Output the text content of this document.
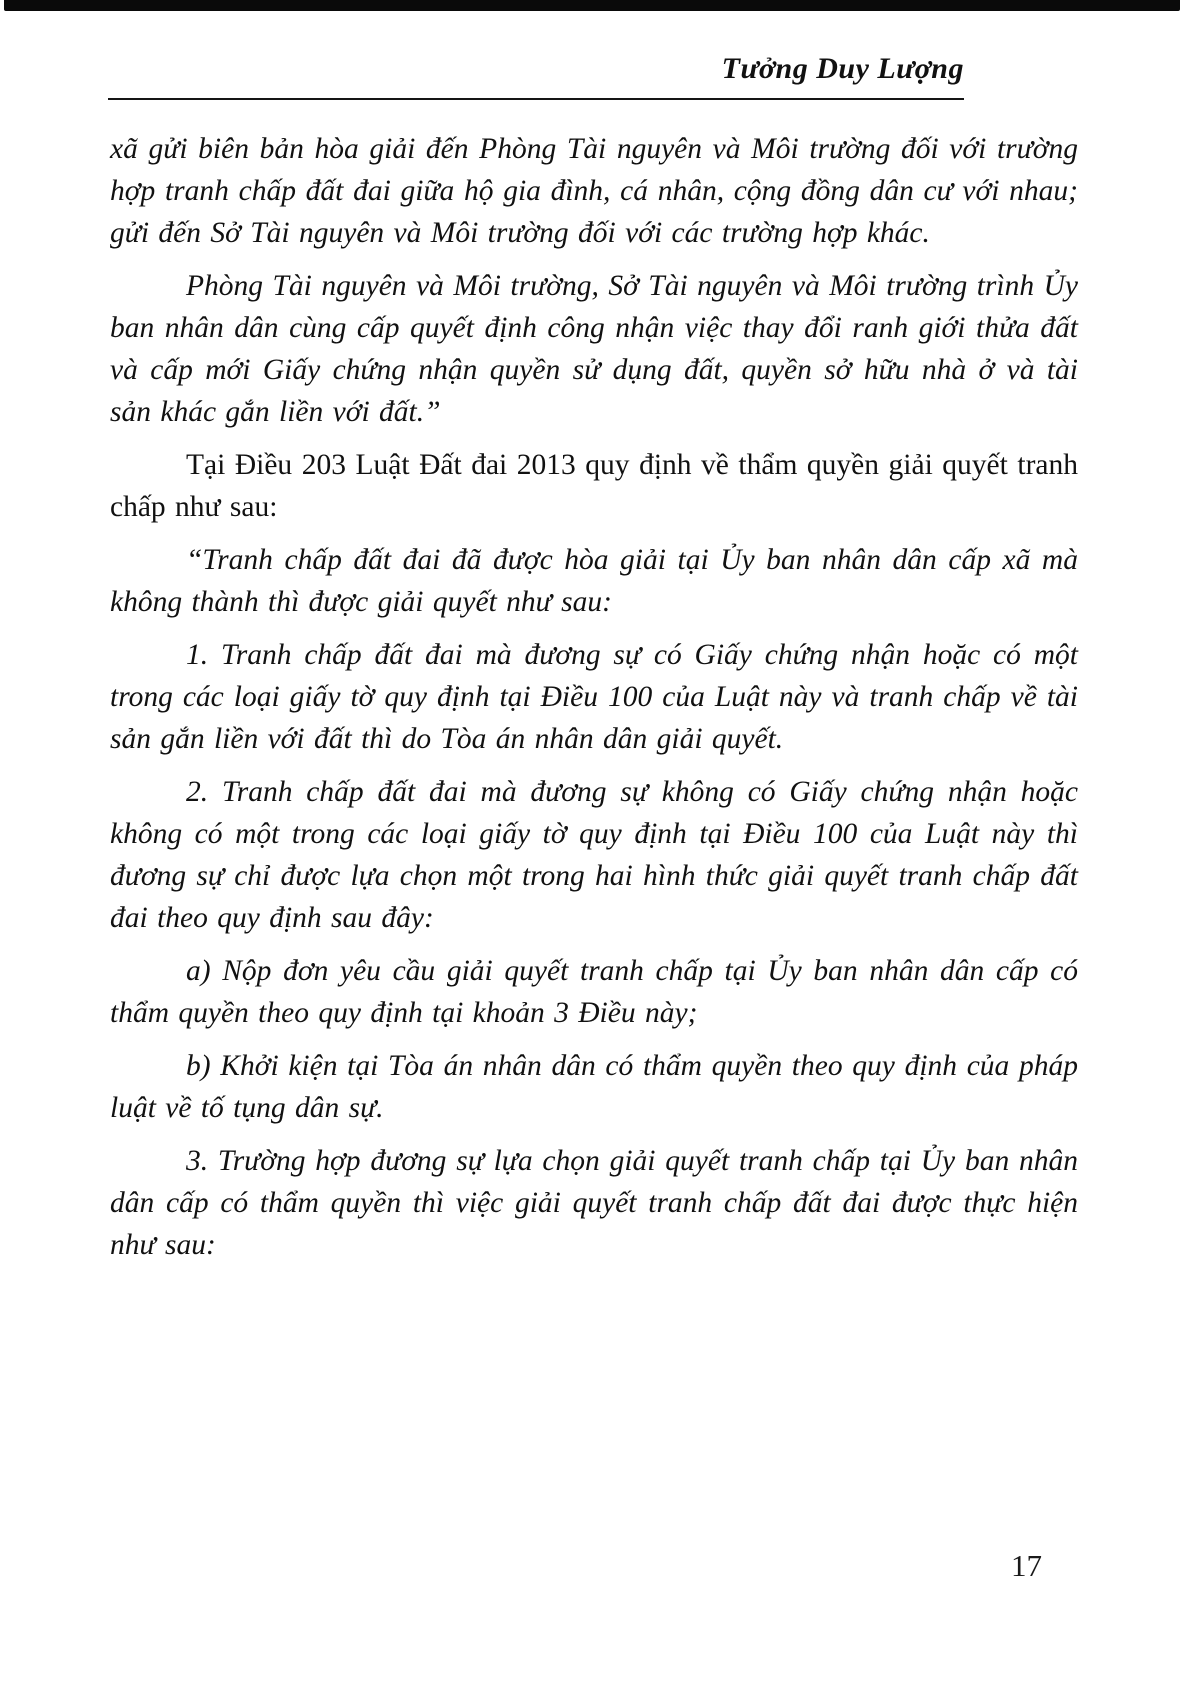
Tưởng Duy Lượng

xã gửi biên bản hòa giải đến Phòng Tài nguyên và Môi trường đối với trường hợp tranh chấp đất đai giữa hộ gia đình, cá nhân, cộng đồng dân cư với nhau; gửi đến Sở Tài nguyên và Môi trường đối với các trường hợp khác.

Phòng Tài nguyên và Môi trường, Sở Tài nguyên và Môi trường trình Ủy ban nhân dân cùng cấp quyết định công nhận việc thay đổi ranh giới thửa đất và cấp mới Giấy chứng nhận quyền sử dụng đất, quyền sở hữu nhà ở và tài sản khác gắn liền với đất.”

Tại Điều 203 Luật Đất đai 2013 quy định về thẩm quyền giải quyết tranh chấp như sau:

“Tranh chấp đất đai đã được hòa giải tại Ủy ban nhân dân cấp xã mà không thành thì được giải quyết như sau:

1. Tranh chấp đất đai mà đương sự có Giấy chứng nhận hoặc có một trong các loại giấy tờ quy định tại Điều 100 của Luật này và tranh chấp về tài sản gắn liền với đất thì do Tòa án nhân dân giải quyết.

2. Tranh chấp đất đai mà đương sự không có Giấy chứng nhận hoặc không có một trong các loại giấy tờ quy định tại Điều 100 của Luật này thì đương sự chỉ được lựa chọn một trong hai hình thức giải quyết tranh chấp đất đai theo quy định sau đây:

a) Nộp đơn yêu cầu giải quyết tranh chấp tại Ủy ban nhân dân cấp có thẩm quyền theo quy định tại khoản 3 Điều này;

b) Khởi kiện tại Tòa án nhân dân có thẩm quyền theo quy định của pháp luật về tố tụng dân sự.

3. Trường hợp đương sự lựa chọn giải quyết tranh chấp tại Ủy ban nhân dân cấp có thẩm quyền thì việc giải quyết tranh chấp đất đai được thực hiện như sau:

17
